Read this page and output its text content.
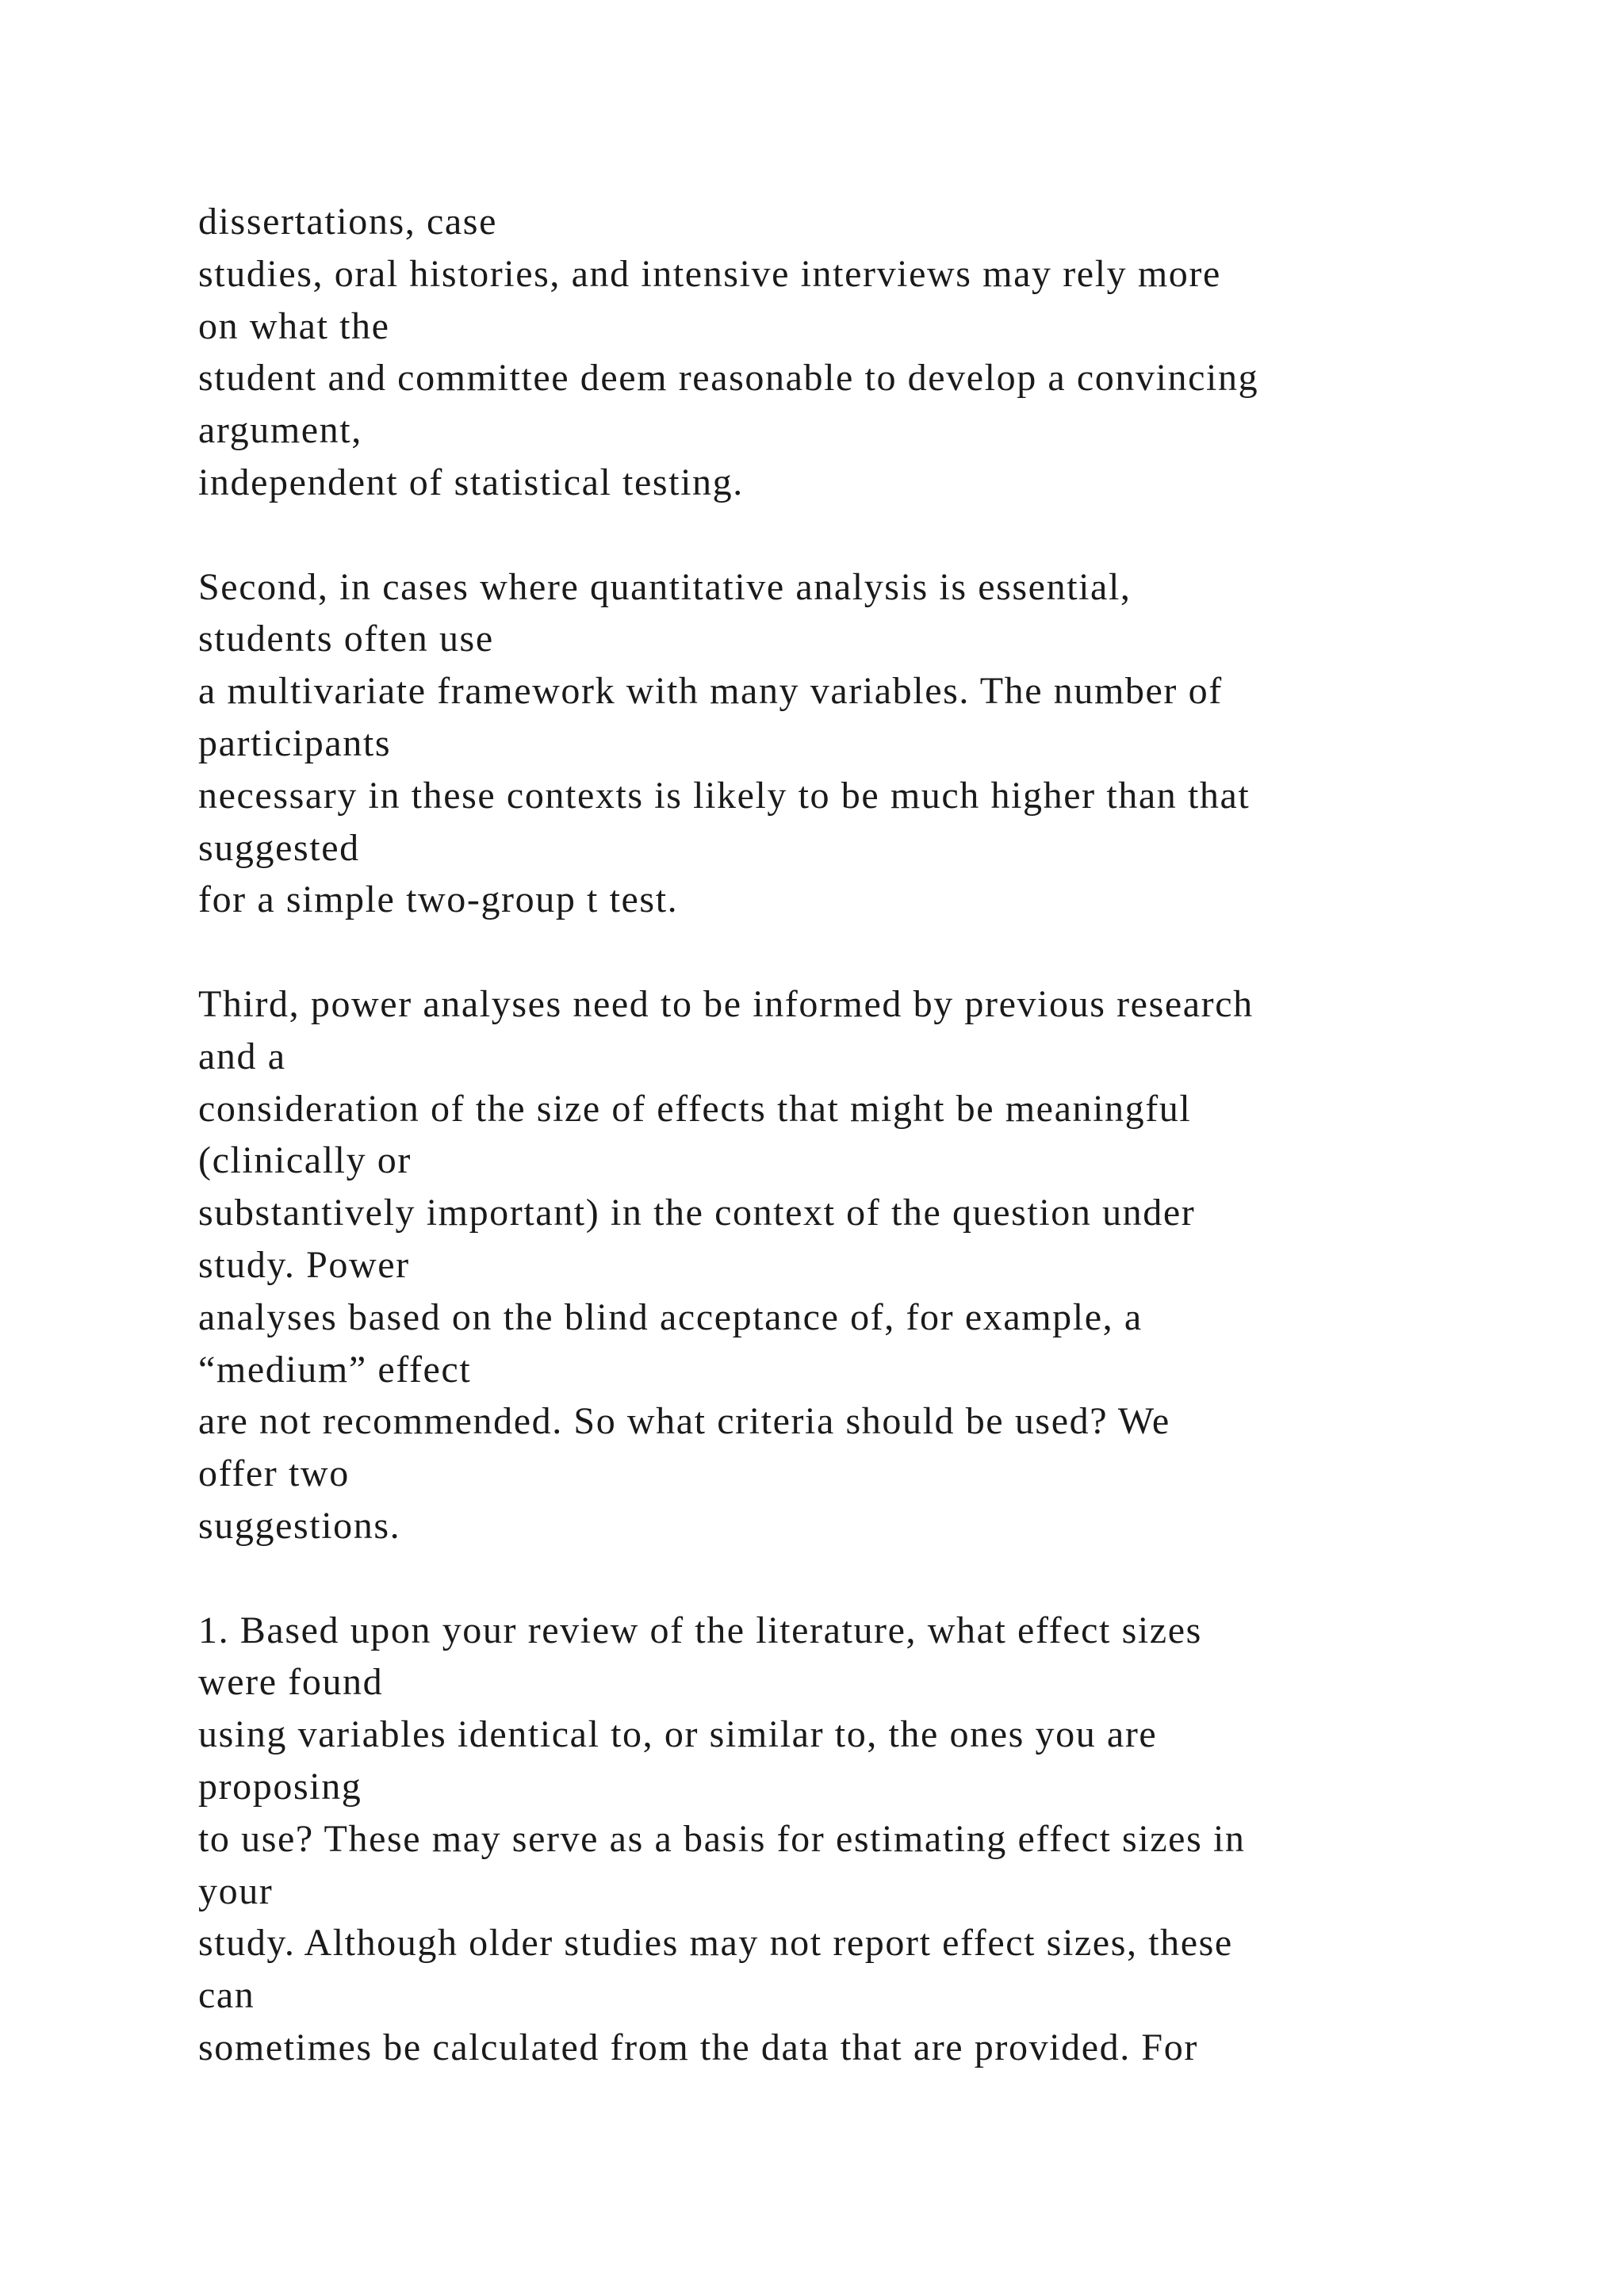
dissertations, case
studies, oral histories, and intensive interviews may rely more
on what the
student and committee deem reasonable to develop a convincing
argument,
independent of statistical testing.
Second, in cases where quantitative analysis is essential,
students often use
a multivariate framework with many variables. The number of
participants
necessary in these contexts is likely to be much higher than that
suggested
for a simple two-group t test.
Third, power analyses need to be informed by previous research
and a
consideration of the size of effects that might be meaningful
(clinically or
substantively important) in the context of the question under
study. Power
analyses based on the blind acceptance of, for example, a
“medium” effect
are not recommended. So what criteria should be used? We
offer two
suggestions.
1. Based upon your review of the literature, what effect sizes
were found
using variables identical to, or similar to, the ones you are
proposing
to use? These may serve as a basis for estimating effect sizes in
your
study. Although older studies may not report effect sizes, these
can
sometimes be calculated from the data that are provided. For
